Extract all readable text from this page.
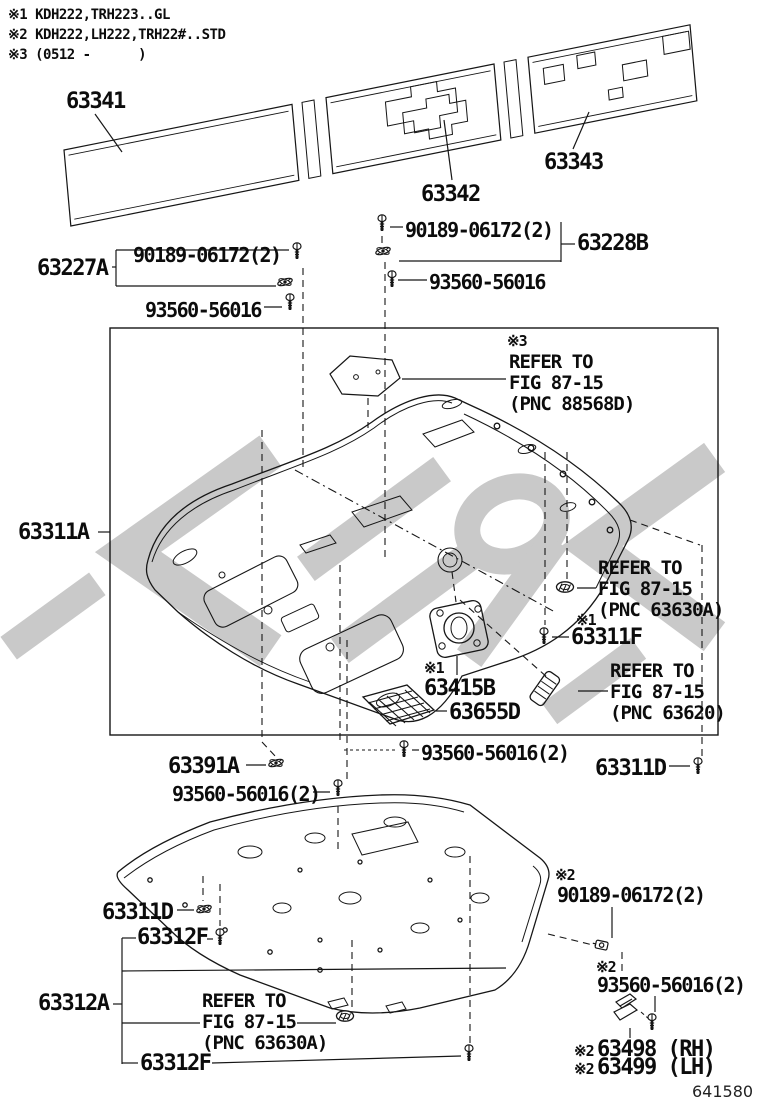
※1 KDH222,TRH223..GL
※2 KDH222,LH222,TRH22#..STD
※3 (0512 -      )
63341
63342
63343
90189-06172(2)
63228B
93560-56016
90189-06172(2)
63227A
93560-56016
※3
REFER TO
FIG 87-15
(PNC 88568D)
63311A
REFER TO
FIG 87-15
(PNC 63630A)
※1
63311F
※1
63415B
63655D
REFER TO
FIG 87-15
(PNC 63620)
93560-56016(2)
63391A	63311D
93560-56016(2)
63311D
63312F
63312A	REFER TO
FIG 87-15
(PNC 63630A)
63312F
※2
90189-06172(2)
※2
93560-56016(2)
※2 63498 (RH)
※2 63499 (LH)
641580
